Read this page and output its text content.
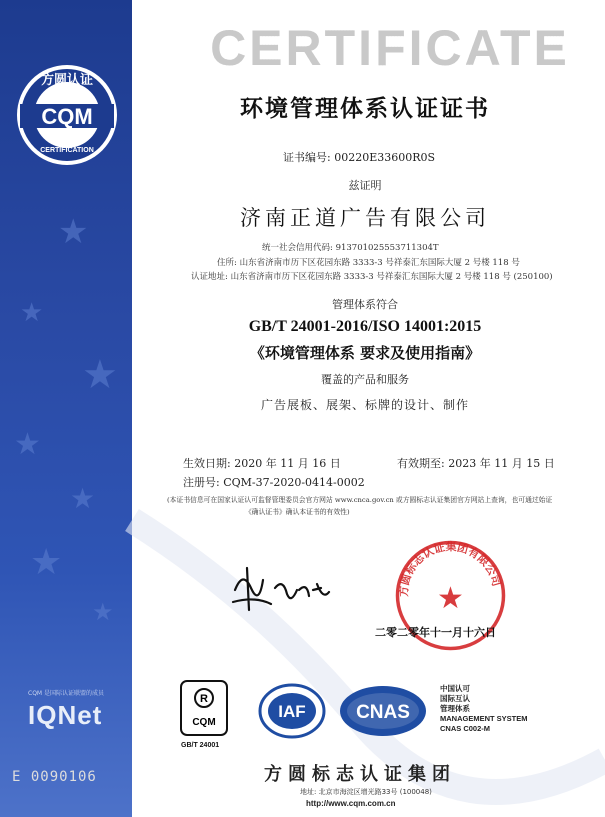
★
★
★
★
★
★
★
方圆认证
CQM
CERTIFICATION
CERTIFICATE
环境管理体系认证证书
证书编号: 00220E33600R0S
兹证明
济南正道广告有限公司
统一社会信用代码: 91370102555371130​4T
住所: 山东省济南市历下区花园东路 3333-3 号祥泰汇东国际大厦 2 号楼 118 号
认证地址: 山东省济南市历下区花园东路 3333-3 号祥泰汇东国际大厦 2 号楼 118 号 (250100)
管理体系符合
GB/T 24001-2016/ISO 14001:2015
《环境管理体系 要求及使用指南》
覆盖的产品和服务
广告展板、展架、标牌的设计、制作
生效日期: 2020 年 11 月 16 日	有效期至: 2023 年 11 月 15 日
注册号: CQM-37-2020-0414-0002
(本证书信息可在国家认证认可监督管理委员会官方网站 www.cnca.gov.cn 或方圆标志认证集团官方网站上查询，也可通过始证
《确认证书》确认本证书的有效性)
方圆标志认证集团有限公司
★
二零二零年十一月十六日
CQM 是国际认证联盟的成员
IQNet
R
CQM
GB/T 24001
IAF	CNAS
中国认可
国际互认
管理体系
MANAGEMENT SYSTEM
CNAS C002-M
方圆标志认证集团
地址: 北京市海淀区增光路33号 (100048)
http://www.cqm.com.cn
E 0090106
